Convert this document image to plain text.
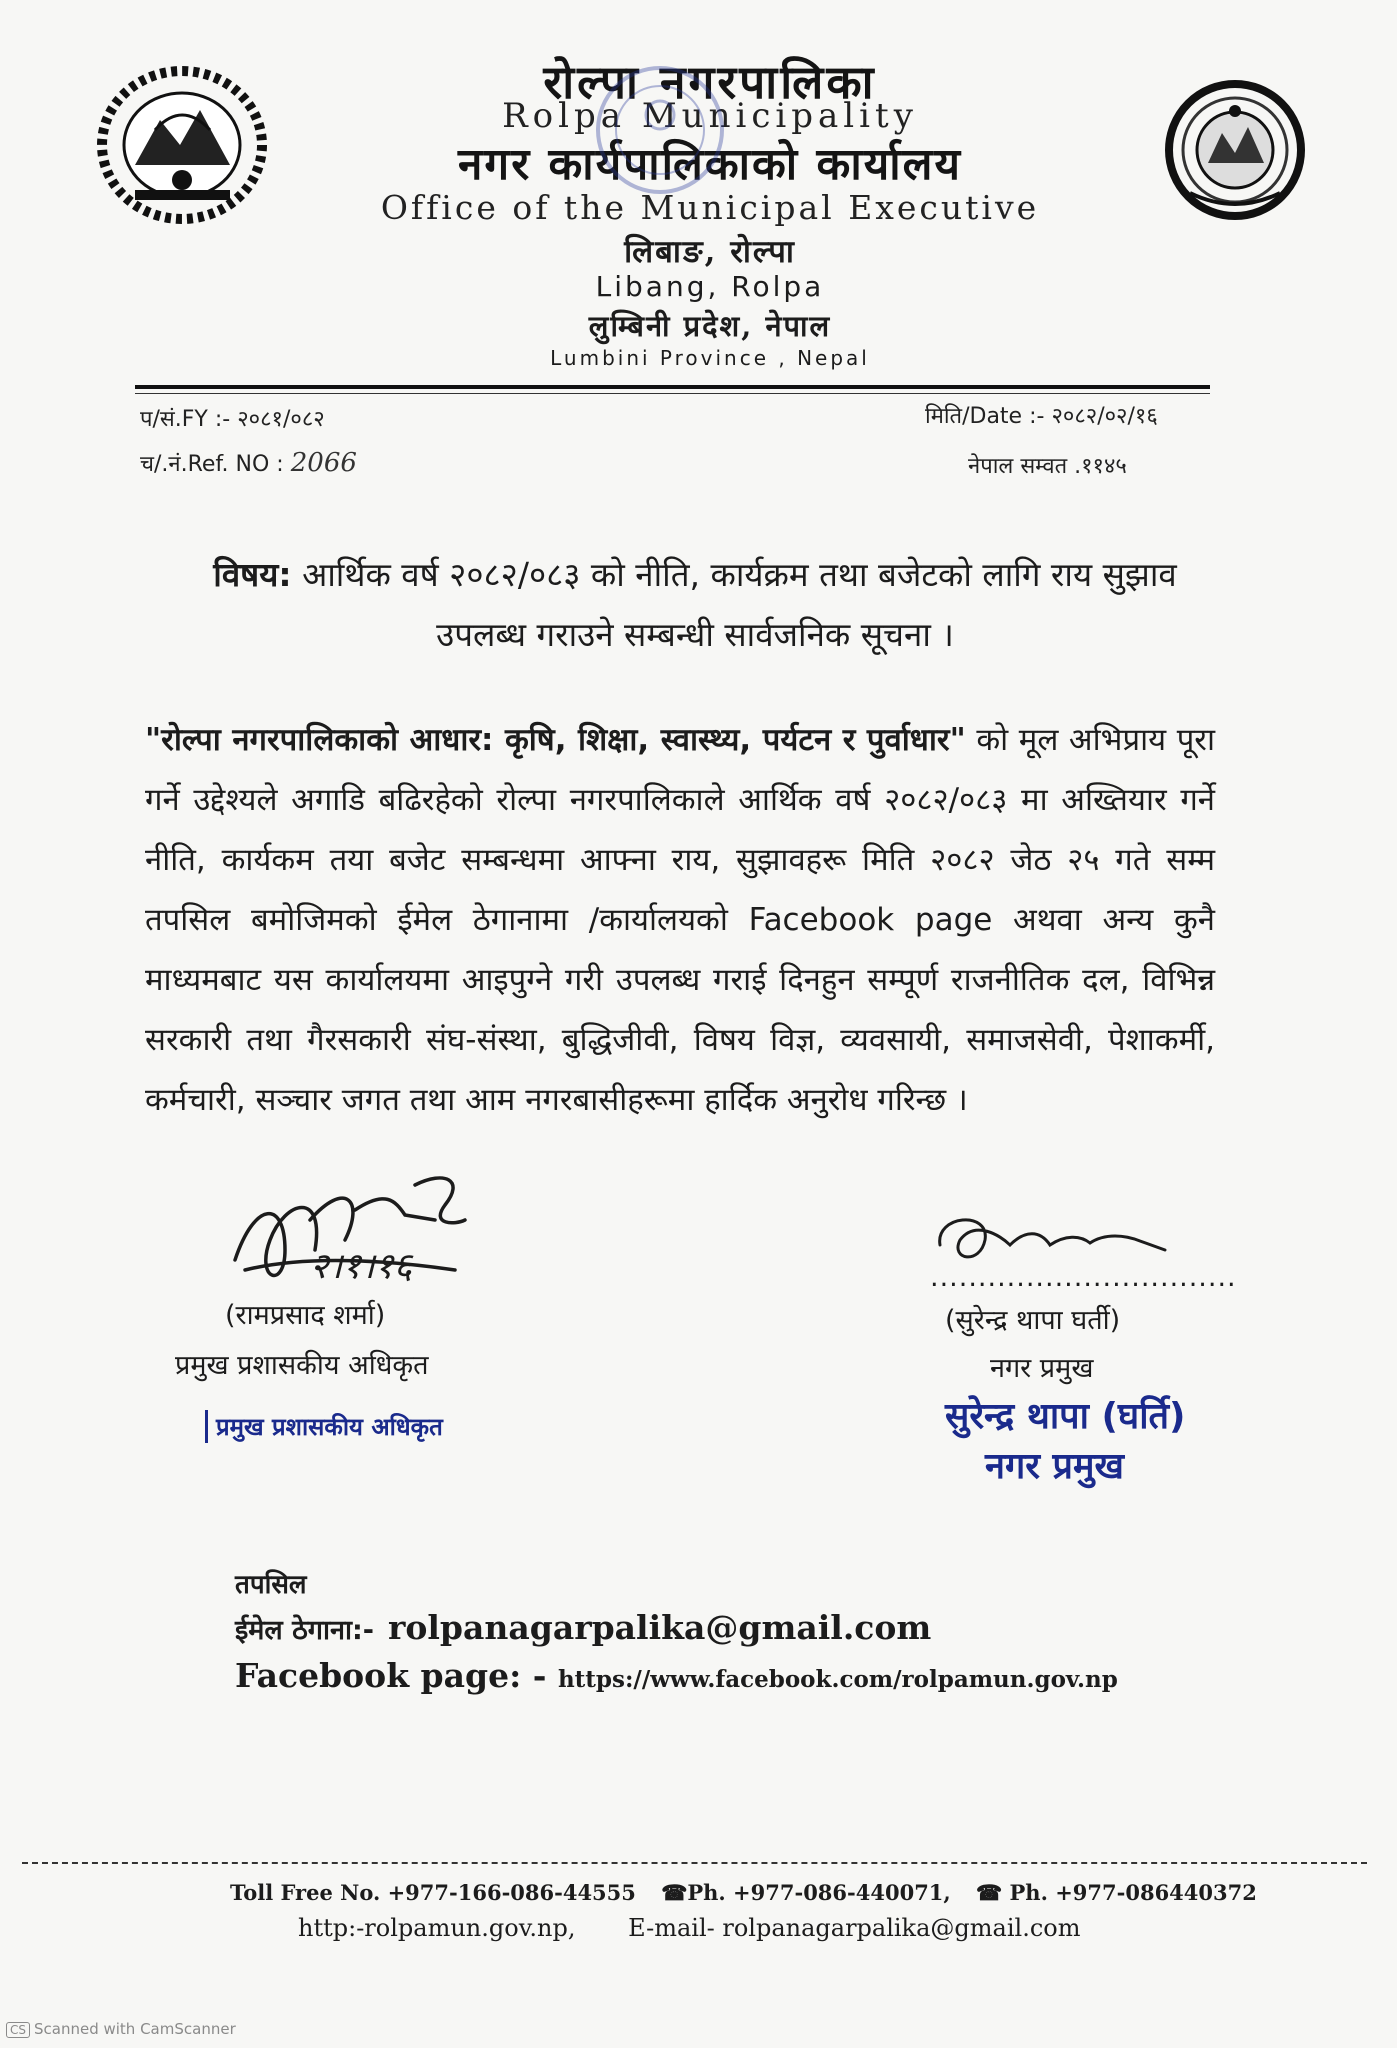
रोल्पा नगरपालिका
Rolpa Municipality
नगर कार्यपालिकाको कार्यालय
Office of the Municipal Executive
लिबाङ, रोल्पा
Libang, Rolpa
लुम्बिनी प्रदेश, नेपाल
Lumbini Province , Nepal
प/सं.FY :- २०८१/०८२
च/.नं.Ref. NO : 2066
मिति/Date :- २०८२/०२/१६
नेपाल सम्वत .११४५
विषय: आर्थिक वर्ष २०८२/०८३ को नीति, कार्यक्रम तथा बजेटको लागि राय सुझाव
उपलब्ध गराउने सम्बन्धी सार्वजनिक सूचना ।
"रोल्पा नगरपालिकाको आधार: कृषि, शिक्षा, स्वास्थ्य, पर्यटन र पुर्वाधार" को मूल अभिप्राय पूरा गर्ने उद्देश्यले अगाडि बढिरहेको रोल्पा नगरपालिकाले आर्थिक वर्ष २०८२/०८३ मा अख्तियार गर्ने नीति, कार्यकम तया बजेट सम्बन्धमा आफ्ना राय, सुझावहरू मिति २०८२ जेठ २५ गते सम्म तपसिल बमोजिमको ईमेल ठेगानामा /कार्यालयको Facebook page अथवा अन्य कुनै माध्यमबाट यस कार्यालयमा आइपुग्ने गरी उपलब्ध गराई दिनहुन सम्पूर्ण राजनीतिक दल, विभिन्न सरकारी तथा गैरसकारी संघ-संस्था, बुद्धिजीवी, विषय विज्ञ, व्यवसायी, समाजसेवी, पेशाकर्मी, कर्मचारी, सञ्चार जगत तथा आम नगरबासीहरूमा हार्दिक अनुरोध गरिन्छ ।
२।१।१६
(रामप्रसाद शर्मा)
प्रमुख प्रशासकीय अधिकृत
प्रमुख प्रशासकीय अधिकृत
................................
(सुरेन्द्र थापा घर्ती)
नगर प्रमुख
सुरेन्द्र थापा (घर्ति)
नगर प्रमुख
तपसिल
ईमेल ठेगाना:- rolpanagarpalika@gmail.com
Facebook page: - https://www.facebook.com/rolpamun.gov.np
Toll Free No. +977-166-086-44555 ☎Ph. +977-086-440071, ☎ Ph. +977-086440372
http:-rolpamun.gov.np, E-mail- rolpanagarpalika@gmail.com
CS Scanned with CamScanner
